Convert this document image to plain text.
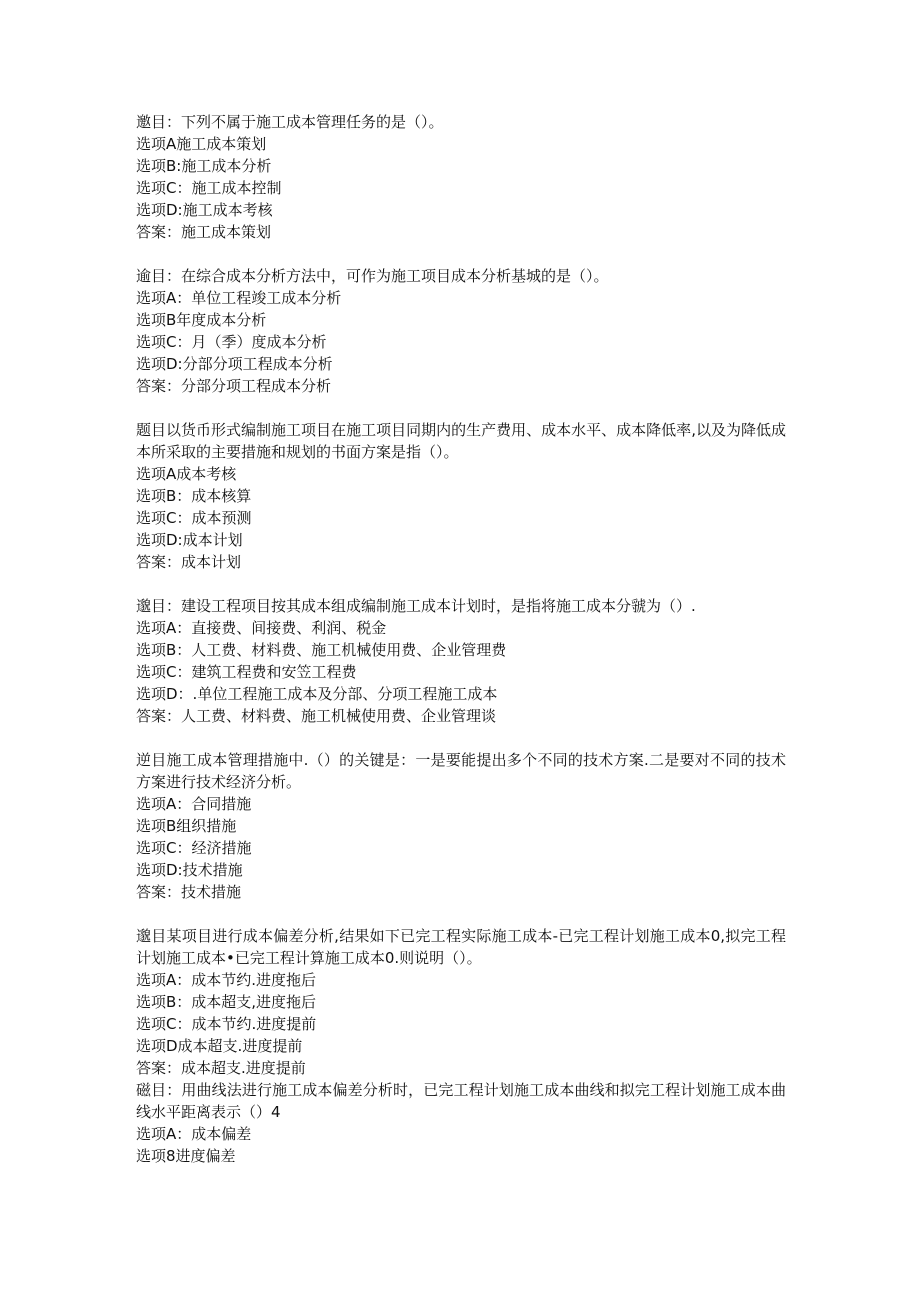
邀目：下列不属于施工成本管理任务的是（）。
选项A施工成本策划
选项B:施工成本分析
选项C：施工成本控制
选项D:施工成本考核
答案：施工成本策划
逾目：在综合成本分析方法中，可作为施工项目成本分析基城的是（）。
选项A：单位工程竣工成本分析
选项B年度成本分析
选项C：月（季）度成本分析
选项D:分部分项工程成本分析
答案：分部分项工程成本分析
题目以货币形式编制施工项目在施工项目同期内的生产费用、成本水平、成本降低率,以及为降低成本所采取的主要措施和规划的书面方案是指（）。
选项A成本考核
选项B：成本核算
选项C：成本预测
选项D:成本计划
答案：成本计划
邈目：建设工程项目按其成本组成编制施工成本计划时，是指将施工成本分虢为（）.
选项A：直接费、间接费、利润、税金
选项B：人工费、材料费、施工机械使用费、企业管理费
选项C：建筑工程费和安笠工程费
选项D：.单位工程施工成本及分部、分项工程施工成本
答案：人工费、材料费、施工机械使用费、企业管理谈
逆目施工成本管理措施中.（）的关键是：一是要能提出多个不同的技术方案.二是要对不同的技术方案进行技术经济分析。
选项A：合同措施
选项B组织措施
选项C：经济措施
选项D:技术措施
答案：技术措施
邈目某项目进行成本偏差分析,结果如下已完工程实际施工成本-已完工程计划施工成本0,拟完工程计划施工成本•已完工程计算施工成本0.则说明（）。
选项A：成本节约.进度拖后
选项B：成本超支,进度拖后
选项C：成本节约.进度提前
选项D成本超支.进度提前
答案：成本超支.进度提前
磁目：用曲线法进行施工成本偏差分析时，已完工程计划施工成本曲线和拟完工程计划施工成本曲线水平距离表示（）4
选项A：成本偏差
选项8进度偏差
